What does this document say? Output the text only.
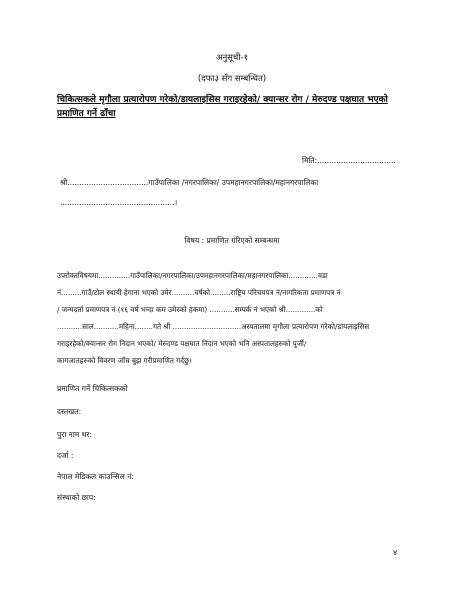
अनुसूची-१
(दफा३ सँग सम्बन्धित)
चिकित्सकले मृगौला प्रत्यारोपण गरेको/डायलाइसिस गराइरहेको/ क्यान्सर रोग / मेरुदण्ड पक्षघात भएको प्रमाणित गर्ने ढाँचा
मिति:.................................
श्री..................................गाउँपालिका /नगरपालिका/ उपमहानगरपालिका/महानगरपालिका
................................................।
विषय : प्रमाणित गरिएको सम्बन्धमा
उपरोक्तविषयमा..............गाउँपालिका/नगरपालिका/उपमहानगरपालिका/महानगरपालिका.............वडा
नं.........गाउँ/टोल स्थायी हेगाना भएको उमेर..........वर्षको.........राष्ट्रिय परिचयपत्र नं/नागरिकता प्रमाणपत्र नं
/ जन्मदर्ता प्रमाणपत्र नं (१६ वर्ष भन्दा कम उमेरको हकमा) ...........सम्पर्क नं भएको श्री.............को
...........साल...........महिना........गते श्री ..............................अस्पतालमा मृगौला प्रत्यारोपण गरेको/डायलाइसिस
गराइरहेको/क्यान्सर रोग निदान भएको/ मेरुदण्ड पक्षघात निदान भएको भनि अस्पतालहरुको पुर्जी/
कागजातहरुको विवरण जाँच बुझ गरीप्रमाणित गर्दछु।
प्रमाणित गर्ने चिकित्सकको
दस्तखत:
पुरा नाम थर:
दर्जा :
नेपाल मेडिकल काउन्सिल नं:
संस्थाको छाप:
४
